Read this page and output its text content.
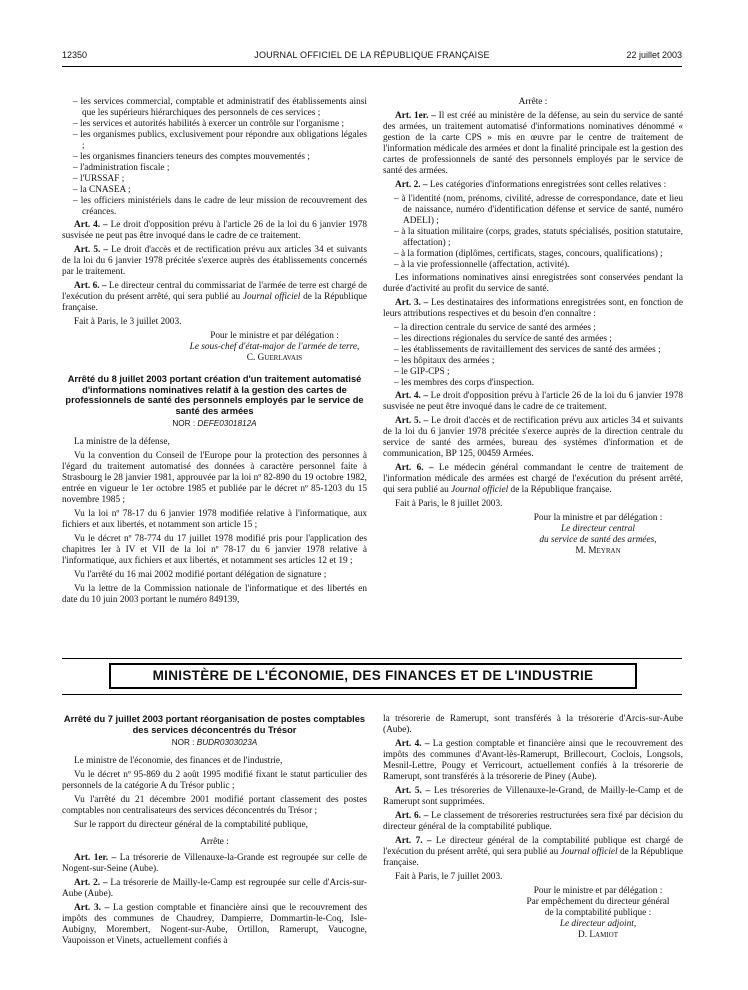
12350	JOURNAL OFFICIEL DE LA RÉPUBLIQUE FRANÇAISE	22 juillet 2003
– les services commercial, comptable et administratif des établissements ainsi que les supérieurs hiérarchiques des personnels de ces services ;
– les services et autorités habilités à exercer un contrôle sur l'organisme ;
– les organismes publics, exclusivement pour répondre aux obligations légales ;
– les organismes financiers teneurs des comptes mouvementés ;
– l'administration fiscale ;
– l'URSSAF ;
– la CNASEA ;
– les officiers ministériels dans le cadre de leur mission de recouvrement des créances.

Art. 4. – Le droit d'opposition prévu à l'article 26 de la loi du 6 janvier 1978 susvisée ne peut pas être invoqué dans le cadre de ce traitement.

Art. 5. – Le droit d'accès et de rectification prévu aux articles 34 et suivants de la loi du 6 janvier 1978 précitée s'exerce auprès des établissements concernés par le traitement.

Art. 6. – Le directeur central du commissariat de l'armée de terre est chargé de l'exécution du présent arrêté, qui sera publié au Journal officiel de la République française.

Fait à Paris, le 3 juillet 2003.

Pour le ministre et par délégation :

Le sous-chef d'état-major de l'armée de terre,

C. Guerlavais

Arrêté du 8 juillet 2003 portant création d'un traitement automatisé d'informations nominatives relatif à la gestion des cartes de professionnels de santé des personnels employés par le service de santé des armées
NOR : DEFE0301812A

La ministre de la défense,

Vu la convention du Conseil de l'Europe pour la protection des personnes à l'égard du traitement automatisé des données à caractère personnel faite à Strasbourg le 28 janvier 1981, approuvée par la loi nº 82-890 du 19 octobre 1982, entrée en vigueur le 1er octobre 1985 et publiée par le décret nº 85-1203 du 15 novembre 1985 ;

Vu la loi nº 78-17 du 6 janvier 1978 modifiée relative à l'informatique, aux fichiers et aux libertés, et notamment son article 15 ;

Vu le décret nº 78-774 du 17 juillet 1978 modifié pris pour l'application des chapitres Ier à IV et VII de la loi nº 78-17 du 6 janvier 1978 relative à l'informatique, aux fichiers et aux libertés, et notamment ses articles 12 et 19 ;

Vu l'arrêté du 16 mai 2002 modifié portant délégation de signature ;

Vu la lettre de la Commission nationale de l'informatique et des libertés en date du 10 juin 2003 portant le numéro 849139,

Arrête :

Art. 1er. – Il est créé au ministère de la défense, au sein du service de santé des armées, un traitement automatisé d'informations nominatives dénommé « gestion de la carte CPS » mis en œuvre par le centre de traitement de l'information médicale des armées et dont la finalité principale est la gestion des cartes de professionnels de santé des personnels employés par le service de santé des armées.

Art. 2. – Les catégories d'informations enregistrées sont celles relatives :

– à l'identité (nom, prénoms, civilité, adresse de correspondance, date et lieu de naissance, numéro d'identification défense et service de santé, numéro ADELI) ;
– à la situation militaire (corps, grades, statuts spécialisés, position statutaire, affectation) ;
– à la formation (diplômes, certificats, stages, concours, qualifications) ;
– à la vie professionnelle (affectation, activité).

Les informations nominatives ainsi enregistrées sont conservées pendant la durée d'activité au profit du service de santé.

Art. 3. – Les destinataires des informations enregistrées sont, en fonction de leurs attributions respectives et du besoin d'en connaître :

– la direction centrale du service de santé des armées ;
– les directions régionales du service de santé des armées ;
– les établissements de ravitaillement des services de santé des armées ;
– les hôpitaux des armées ;
– le GIP-CPS ;
– les membres des corps d'inspection.

Art. 4. – Le droit d'opposition prévu à l'article 26 de la loi du 6 janvier 1978 susvisée ne peut être invoqué dans le cadre de ce traitement.

Art. 5. – Le droit d'accès et de rectification prévu aux articles 34 et suivants de la loi du 6 janvier 1978 précitée s'exerce auprès de la direction centrale du service de santé des armées, bureau des systèmes d'information et de communication, BP 125, 00459 Armées.

Art. 6. – Le médecin général commandant le centre de traitement de l'information médicale des armées est chargé de l'exécution du présent arrêté, qui sera publié au Journal officiel de la République française.

Fait à Paris, le 8 juillet 2003.

Pour la ministre et par délégation :

Le directeur central

du service de santé des armées,

M. Meyran

MINISTÈRE DE L'ÉCONOMIE, DES FINANCES ET DE L'INDUSTRIE
Arrêté du 7 juillet 2003 portant réorganisation de postes comptables des services déconcentrés du Trésor
NOR : BUDR0303023A

Le ministre de l'économie, des finances et de l'industrie,

Vu le décret nº 95-869 du 2 août 1995 modifié fixant le statut particulier des personnels de la catégorie A du Trésor public ;

Vu l'arrêté du 21 décembre 2001 modifié portant classement des postes comptables non centralisateurs des services déconcentrés du Trésor ;

Sur le rapport du directeur général de la comptabilité publique,

Arrête :

Art. 1er. – La trésorerie de Villenauxe-la-Grande est regroupée sur celle de Nogent-sur-Seine (Aube).

Art. 2. – La trésorerie de Mailly-le-Camp est regroupée sur celle d'Arcis-sur-Aube (Aube).

Art. 3. – La gestion comptable et financière ainsi que le recouvrement des impôts des communes de Chaudrey, Dampierre, Dommartin-le-Coq, Isle-Aubigny, Morembert, Nogent-sur-Aube, Ortillon, Ramerupt, Vaucogne, Vaupoisson et Vinets, actuellement confiés à

la trésorerie de Ramerupt, sont transférés à la trésorerie d'Arcis-sur-Aube (Aube).

Art. 4. – La gestion comptable et financière ainsi que le recouvrement des impôts des communes d'Avant-lès-Ramerupt, Brillecourt, Coclois, Longsols, Mesnil-Lettre, Pougy et Verricourt, actuellement confiés à la trésorerie de Ramerupt, sont transférés à la trésorerie de Piney (Aube).

Art. 5. – Les trésoreries de Villenauxe-le-Grand, de Mailly-le-Camp et de Ramerupt sont supprimées.

Art. 6. – Le classement de trésoreries restructurées sera fixé par décision du directeur général de la comptabilité publique.

Art. 7. – Le directeur général de la comptabilité publique est chargé de l'exécution du présent arrêté, qui sera publié au Journal officiel de la République française.

Fait à Paris, le 7 juillet 2003.

Pour le ministre et par délégation :

Par empêchement du directeur général

de la comptabilité publique :

Le directeur adjoint,

D. Lamiot
